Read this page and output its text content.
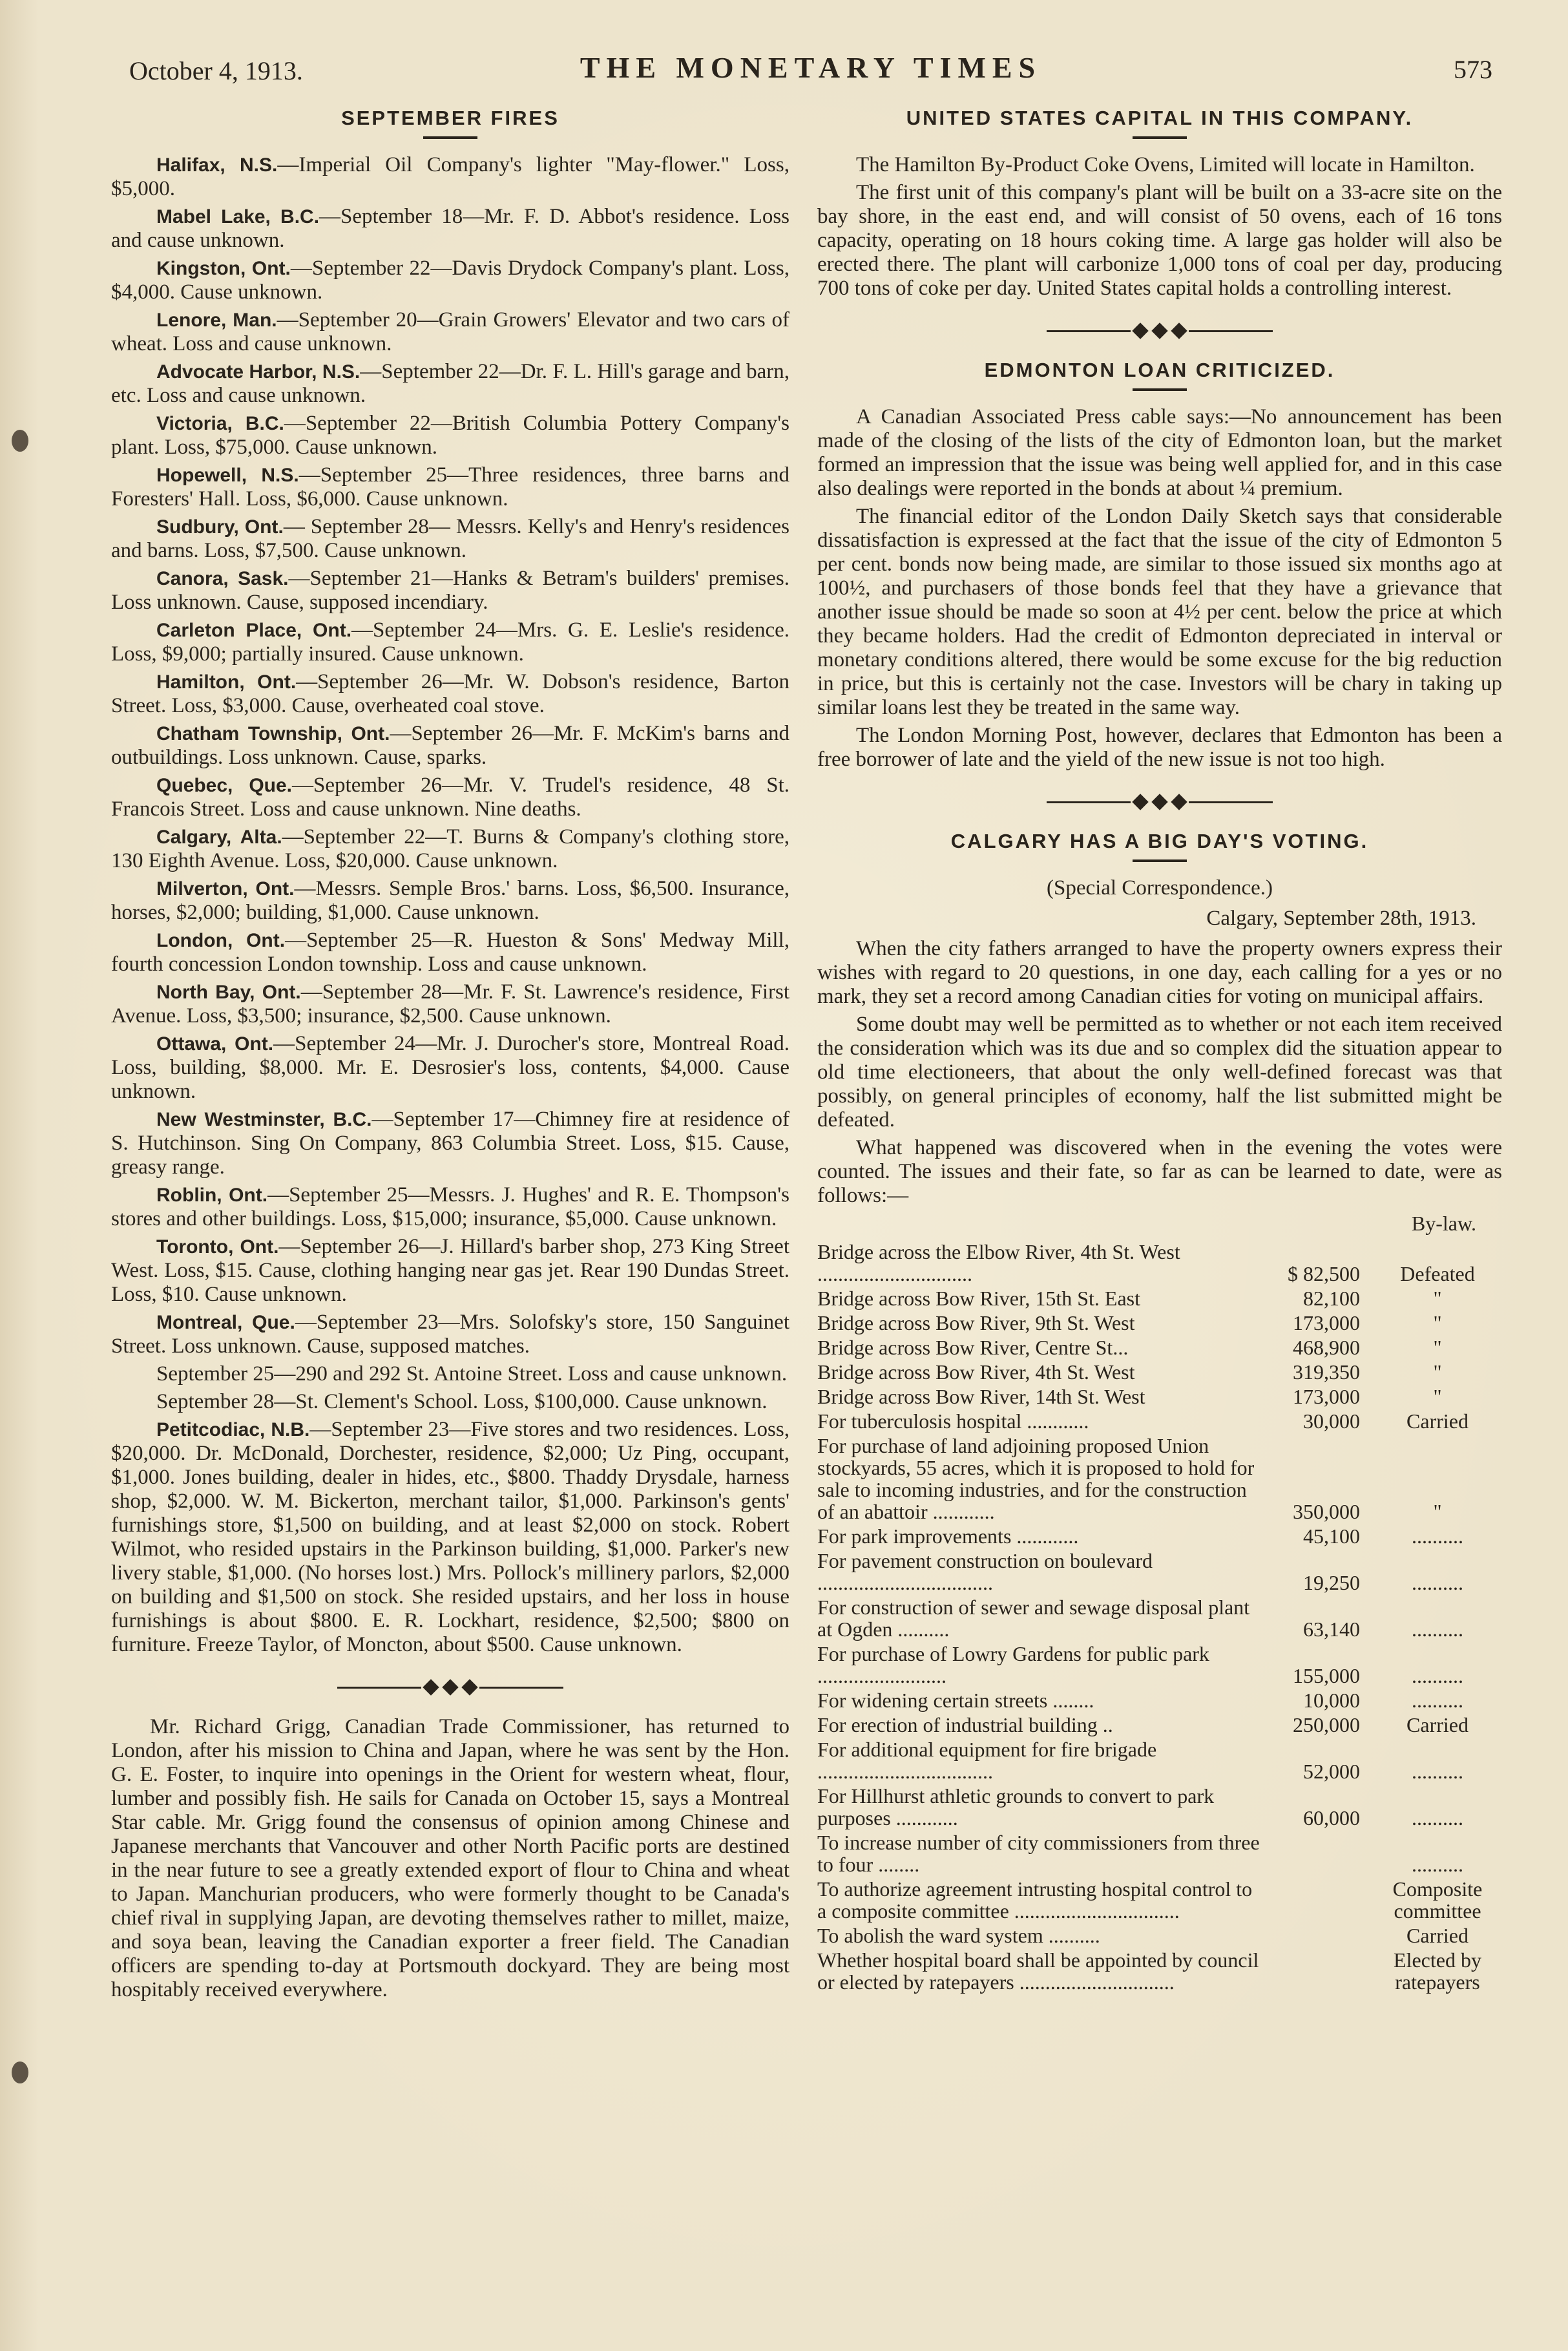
October 4, 1913.	THE MONETARY TIMES	573
SEPTEMBER FIRES

Halifax, N.S.—Imperial Oil Company's lighter "May-flower." Loss, $5,000.

Mabel Lake, B.C.—September 18—Mr. F. D. Abbot's residence. Loss and cause unknown.

Kingston, Ont.—September 22—Davis Drydock Company's plant. Loss, $4,000. Cause unknown.

Lenore, Man.—September 20—Grain Growers' Elevator and two cars of wheat. Loss and cause unknown.

Advocate Harbor, N.S.—September 22—Dr. F. L. Hill's garage and barn, etc. Loss and cause unknown.

Victoria, B.C.—September 22—British Columbia Pottery Company's plant. Loss, $75,000. Cause unknown.

Hopewell, N.S.—September 25—Three residences, three barns and Foresters' Hall. Loss, $6,000. Cause unknown.

Sudbury, Ont.— September 28— Messrs. Kelly's and Henry's residences and barns. Loss, $7,500. Cause unknown.

Canora, Sask.—September 21—Hanks & Betram's builders' premises. Loss unknown. Cause, supposed incendiary.

Carleton Place, Ont.—September 24—Mrs. G. E. Leslie's residence. Loss, $9,000; partially insured. Cause unknown.

Hamilton, Ont.—September 26—Mr. W. Dobson's residence, Barton Street. Loss, $3,000. Cause, overheated coal stove.

Chatham Township, Ont.—September 26—Mr. F. McKim's barns and outbuildings. Loss unknown. Cause, sparks.

Quebec, Que.—September 26—Mr. V. Trudel's residence, 48 St. Francois Street. Loss and cause unknown. Nine deaths.

Calgary, Alta.—September 22—T. Burns & Company's clothing store, 130 Eighth Avenue. Loss, $20,000. Cause unknown.

Milverton, Ont.—Messrs. Semple Bros.' barns. Loss, $6,500. Insurance, horses, $2,000; building, $1,000. Cause unknown.

London, Ont.—September 25—R. Hueston & Sons' Medway Mill, fourth concession London township. Loss and cause unknown.

North Bay, Ont.—September 28—Mr. F. St. Lawrence's residence, First Avenue. Loss, $3,500; insurance, $2,500. Cause unknown.

Ottawa, Ont.—September 24—Mr. J. Durocher's store, Montreal Road. Loss, building, $8,000. Mr. E. Desrosier's loss, contents, $4,000. Cause unknown.

New Westminster, B.C.—September 17—Chimney fire at residence of S. Hutchinson. Sing On Company, 863 Columbia Street. Loss, $15. Cause, greasy range.

Roblin, Ont.—September 25—Messrs. J. Hughes' and R. E. Thompson's stores and other buildings. Loss, $15,000; insurance, $5,000. Cause unknown.

Toronto, Ont.—September 26—J. Hillard's barber shop, 273 King Street West. Loss, $15. Cause, clothing hanging near gas jet. Rear 190 Dundas Street. Loss, $10. Cause unknown.

Montreal, Que.—September 23—Mrs. Solofsky's store, 150 Sanguinet Street. Loss unknown. Cause, supposed matches.

September 25—290 and 292 St. Antoine Street. Loss and cause unknown.

September 28—St. Clement's School. Loss, $100,000. Cause unknown.

Petitcodiac, N.B.—September 23—Five stores and two residences. Loss, $20,000. Dr. McDonald, Dorchester, residence, $2,000; Uz Ping, occupant, $1,000. Jones building, dealer in hides, etc., $800. Thaddy Drysdale, harness shop, $2,000. W. M. Bickerton, merchant tailor, $1,000. Parkinson's gents' furnishings store, $1,500 on building, and at least $2,000 on stock. Robert Wilmot, who resided upstairs in the Parkinson building, $1,000. Parker's new livery stable, $1,000. (No horses lost.) Mrs. Pollock's millinery parlors, $2,000 on building and $1,500 on stock. She resided upstairs, and her loss in house furnishings is about $800. E. R. Lockhart, residence, $2,500; $800 on furniture. Freeze Taylor, of Moncton, about $500. Cause unknown.

Mr. Richard Grigg, Canadian Trade Commissioner, has returned to London, after his mission to China and Japan, where he was sent by the Hon. G. E. Foster, to inquire into openings in the Orient for western wheat, flour, lumber and possibly fish. He sails for Canada on October 15, says a Montreal Star cable. Mr. Grigg found the consensus of opinion among Chinese and Japanese merchants that Vancouver and other North Pacific ports are destined in the near future to see a greatly extended export of flour to China and wheat to Japan. Manchurian producers, who were formerly thought to be Canada's chief rival in supplying Japan, are devoting themselves rather to millet, maize, and soya bean, leaving the Canadian exporter a freer field. The Canadian officers are spending to-day at Portsmouth dockyard. They are being most hospitably received everywhere.

UNITED STATES CAPITAL IN THIS COMPANY.

The Hamilton By-Product Coke Ovens, Limited will locate in Hamilton.

The first unit of this company's plant will be built on a 33-acre site on the bay shore, in the east end, and will consist of 50 ovens, each of 16 tons capacity, operating on 18 hours coking time. A large gas holder will also be erected there. The plant will carbonize 1,000 tons of coal per day, producing 700 tons of coke per day. United States capital holds a controlling interest.

EDMONTON LOAN CRITICIZED.

A Canadian Associated Press cable says:—No announcement has been made of the closing of the lists of the city of Edmonton loan, but the market formed an impression that the issue was being well applied for, and in this case also dealings were reported in the bonds at about ¼ premium.

The financial editor of the London Daily Sketch says that considerable dissatisfaction is expressed at the fact that the issue of the city of Edmonton 5 per cent. bonds now being made, are similar to those issued six months ago at 100½, and purchasers of those bonds feel that they have a grievance that another issue should be made so soon at 4½ per cent. below the price at which they became holders. Had the credit of Edmonton depreciated in interval or monetary conditions altered, there would be some excuse for the big reduction in price, but this is certainly not the case. Investors will be chary in taking up similar loans lest they be treated in the same way.

The London Morning Post, however, declares that Edmonton has been a free borrower of late and the yield of the new issue is not too high.

CALGARY HAS A BIG DAY'S VOTING.

(Special Correspondence.)

Calgary, September 28th, 1913.

When the city fathers arranged to have the property owners express their wishes with regard to 20 questions, in one day, each calling for a yes or no mark, they set a record among Canadian cities for voting on municipal affairs.

Some doubt may well be permitted as to whether or not each item received the consideration which was its due and so complex did the situation appear to old time electioneers, that about the only well-defined forecast was that possibly, on general principles of economy, half the list submitted might be defeated.

What happened was discovered when in the evening the votes were counted. The issues and their fate, so far as can be learned to date, were as follows:—

By-law.
Bridge across the Elbow River, 4th St. West ..............................	$ 82,500	Defeated
Bridge across Bow River, 15th St. East	82,100	"
Bridge across Bow River, 9th St. West	173,000	"
Bridge across Bow River, Centre St...	468,900	"
Bridge across Bow River, 4th St. West	319,350	"
Bridge across Bow River, 14th St. West	173,000	"
For tuberculosis hospital ............	30,000	Carried
For purchase of land adjoining proposed Union stockyards, 55 acres, which it is proposed to hold for sale to incoming industries, and for the construction of an abattoir ............	350,000	"
For park improvements ............	45,100	..........
For pavement construction on boulevard ..................................	19,250	..........
For construction of sewer and sewage disposal plant at Ogden ..........	63,140	..........
For purchase of Lowry Gardens for public park .........................	155,000	..........
For widening certain streets ........	10,000	..........
For erection of industrial building ..	250,000	Carried
For additional equipment for fire brigade ..................................	52,000	..........
For Hillhurst athletic grounds to convert to park purposes ............	60,000	..........
To increase number of city commissioners from three to four ........		..........
To authorize agreement intrusting hospital control to a composite committee ................................		Composite committee
To abolish the ward system ..........		Carried
Whether hospital board shall be appointed by council or elected by ratepayers ..............................		Elected by ratepayers
